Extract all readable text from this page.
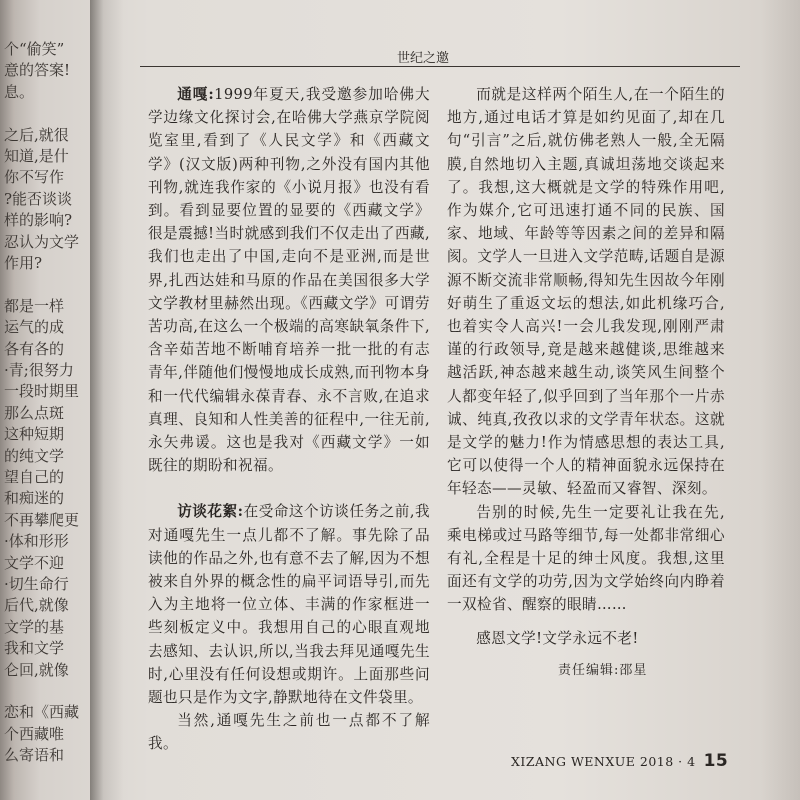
个“偷笑”
意的答案!
息。
之后,就很
知道,是什
你不写作
?能否谈谈
样的影响?
忍认为文学
作用?
都是一样
运气的成
各有各的
·青;很努力
一段时期里
那么点斑
这种短期
的纯文学
望自己的
和痴迷的
不再攀爬更
·体和形形
文学不迎
·切生命行
后代,就像
文学的基
我和文学
仑回,就像
恋和《西藏
个西藏唯
么寄语和
世纪之邀

通嘎:1999年夏天,我受邀参加哈佛大学边缘文化探讨会,在哈佛大学燕京学院阅览室里,看到了《人民文学》和《西藏文学》(汉文版)两种刊物,之外没有国内其他刊物,就连我作家的《小说月报》也没有看到。看到显要位置的显要的《西藏文学》很是震撼!当时就感到我们不仅走出了西藏,我们也走出了中国,走向不是亚洲,而是世界,扎西达娃和马原的作品在美国很多大学文学教材里赫然出现。《西藏文学》可谓劳苦功高,在这么一个极端的高寒缺氧条件下,含辛茹苦地不断哺育培养一批一批的有志青年,伴随他们慢慢地成长成熟,而刊物本身和一代代编辑永葆青春、永不言败,在追求真理、良知和人性美善的征程中,一往无前,永矢弗谖。这也是我对《西藏文学》一如既往的期盼和祝福。

访谈花絮:在受命这个访谈任务之前,我对通嘎先生一点儿都不了解。事先除了品读他的作品之外,也有意不去了解,因为不想被来自外界的概念性的扁平词语导引,而先入为主地将一位立体、丰满的作家框进一些刻板定义中。我想用自己的心眼直观地去感知、去认识,所以,当我去拜见通嘎先生时,心里没有任何设想或期许。上面那些问题也只是作为文字,静默地待在文件袋里。

当然,通嘎先生之前也一点都不了解我。

而就是这样两个陌生人,在一个陌生的地方,通过电话才算是如约见面了,却在几句“引言”之后,就仿佛老熟人一般,全无隔膜,自然地切入主题,真诚坦荡地交谈起来了。我想,这大概就是文学的特殊作用吧,作为媒介,它可迅速打通不同的民族、国家、地域、年龄等等因素之间的差异和隔阂。文学人一旦进入文学范畴,话题自是源源不断交流非常顺畅,得知先生因故今年刚好萌生了重返文坛的想法,如此机缘巧合,也着实令人高兴!一会儿我发现,刚刚严肃谨的行政领导,竟是越来越健谈,思维越来越活跃,神态越来越生动,谈笑风生间整个人都变年轻了,似乎回到了当年那个一片赤诚、纯真,孜孜以求的文学青年状态。这就是文学的魅力!作为情感思想的表达工具,它可以使得一个人的精神面貌永远保持在年轻态——灵敏、轻盈而又睿智、深刻。

告别的时候,先生一定要礼让我在先,乘电梯或过马路等细节,每一处都非常细心有礼,全程是十足的绅士风度。我想,这里面还有文学的功劳,因为文学始终向内睁着一双检省、醒察的眼睛……

感恩文学!文学永远不老!

责任编辑:邵星
XIZANG WENXUE 2018 · 4 15
